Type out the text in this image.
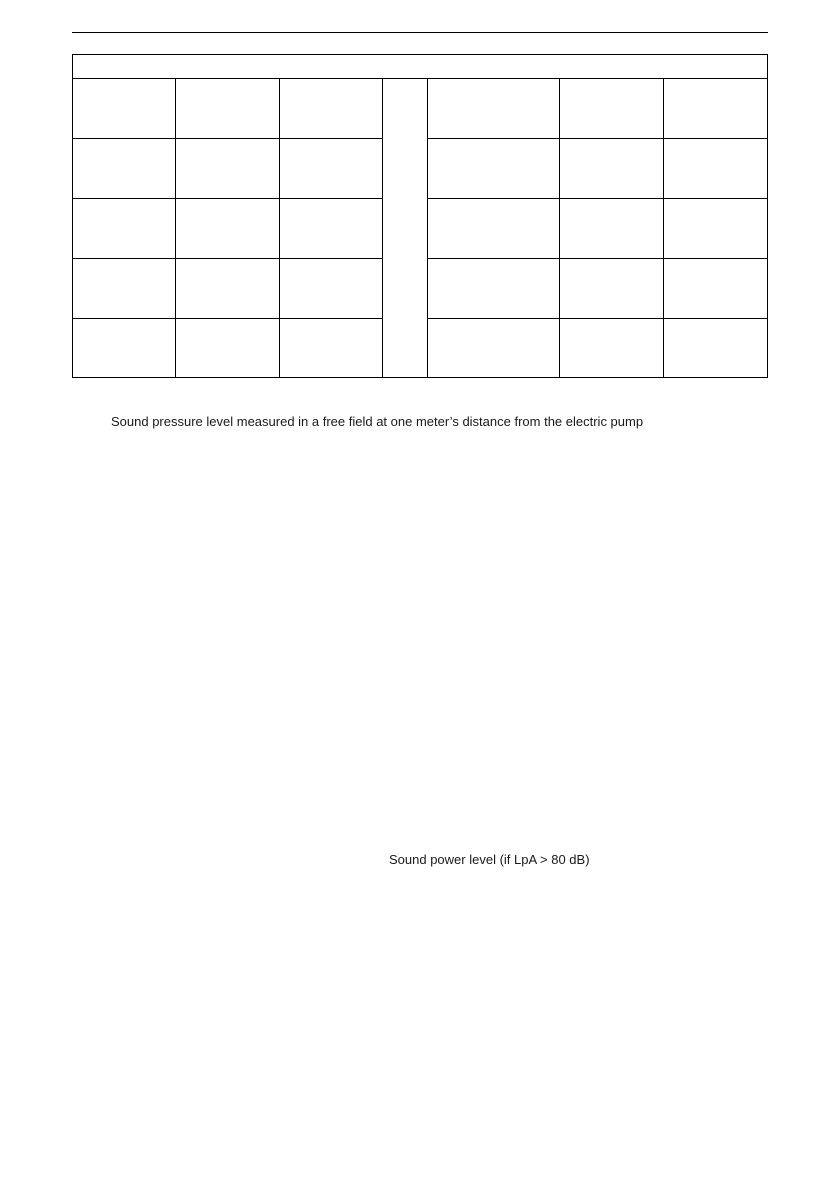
Sound pressure level measured in a free field at one meter’s distance from the electric pump
Sound power level (if LpA > 80 dB)
